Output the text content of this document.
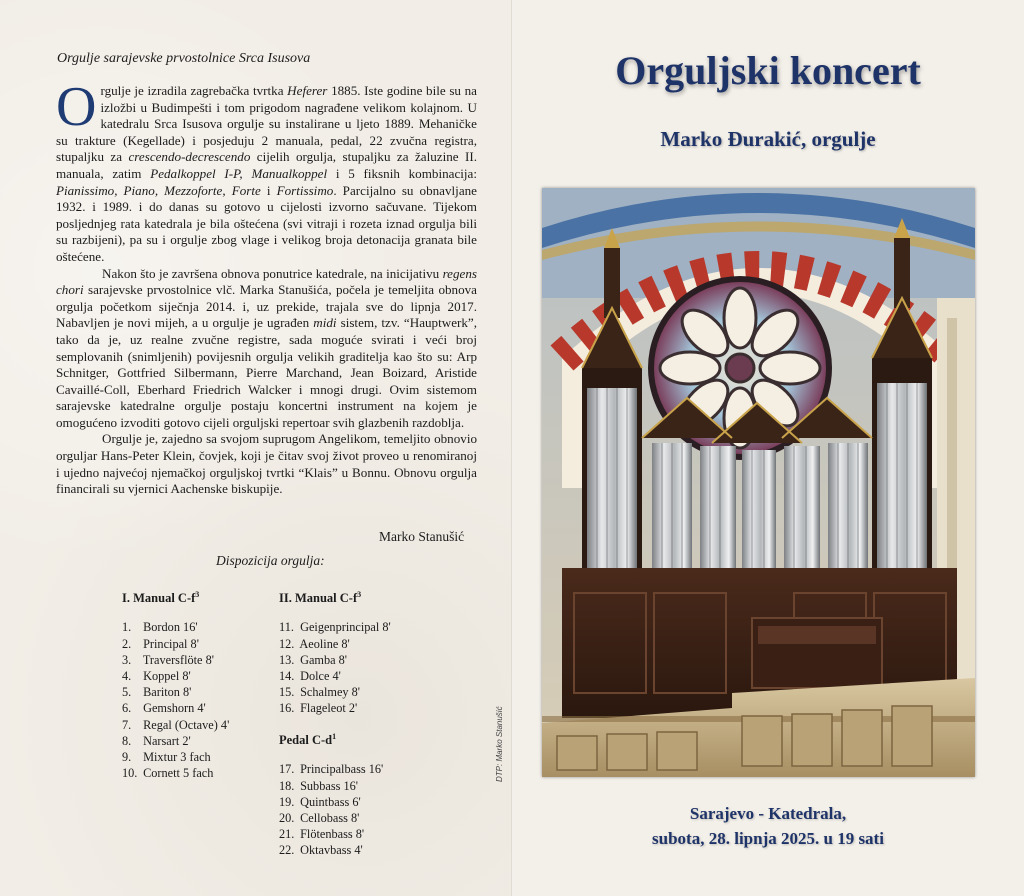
Orgulje sarajevske prvostolnice Srca Isusova

Orgulje je izradila zagrebačka tvrtka Heferer 1885. Iste godine bile su na izložbi u Budimpešti i tom prigodom nagrađene velikom kolajnom. U katedralu Srca Isusova orgulje su instalirane u ljeto 1889. Mehaničke su trakture (Kegellade) i posjeduju 2 manuala, pedal, 22 zvučna registra, stupaljku za crescendo-decrescendo cijelih orgulja, stupaljku za žaluzine II. manuala, zatim Pedalkoppel I-P, Manualkoppel i 5 fiksnih kombinacija: Pianissimo, Piano, Mezzoforte, Forte i Fortissimo. Parcijalno su obnavljane 1932. i 1989. i do danas su gotovo u cijelosti izvorno sačuvane. Tijekom posljednjeg rata katedrala je bila oštećena (svi vitraji i rozeta iznad orgulja bili su razbijeni), pa su i orgulje zbog vlage i velikog broja detonacija granata bile oštećene.

Nakon što je završena obnova ponutrice katedrale, na inicijativu regens chori sarajevske prvostolnice vlč. Marka Stanušića, počela je temeljita obnova orgulja početkom siječnja 2014. i, uz prekide, trajala sve do lipnja 2017. Nabavljen je novi mijeh, a u orgulje je ugrađen midi sistem, tzv. “Hauptwerk”, tako da je, uz realne zvučne registre, sada moguće svirati i veći broj semplovanih (snimljenih) povijesnih orgulja velikih graditelja kao što su: Arp Schnitger, Gottfried Silbermann, Pierre Marchand, Jean Boizard, Aristide Cavaillé-Coll, Eberhard Friedrich Walcker i mnogi drugi. Ovim sistemom sarajevske katedralne orgulje postaju koncertni instrument na kojem je omogućeno izvoditi gotovo cijeli orguljski repertoar svih glazbenih razdoblja.

Orgulje je, zajedno sa svojom suprugom Angelikom, temeljito obnovio orguljar Hans-Peter Klein, čovjek, koji je čitav svoj život proveo u renomiranoj i ujedno najvećoj njemačkoj orguljskoj tvrtki “Klais” u Bonnu. Obnovu orgulja financirali su vjernici Aachenske biskupije.

Marko Stanušić
Dispozicija orgulja:
I. Manual $C-f^3$
1. Bordon 16'
2. Principal 8'
3. Traversflöte 8'
4. Koppel 8'
5. Bariton 8'
6. Gemshorn 4'
7. Regal (Octave) 4'
8. Narsart 2'
9. Mixtur 3 fach
10. Cornett 5 fach
II. Manual $C-f^3$
11. Geigenprincipal 8'
12. Aeoline 8'
13. Gamba 8'
14. Dolce 4'
15. Schalmey 8'
16. Flageleot 2'
Pedal $C-d^1$
17. Principalbass 16'
18. Subbass 16'
19. Quintbass 6'
20. Cellobass 8'
21. Flötenbass 8'
22. Oktavbass 4'
DTP: Marko Stanušić
Orguljski koncert
Marko Đurakić, orgulje
Sarajevo - Katedrala,
subota, 28. lipnja 2025. u 19 sati
